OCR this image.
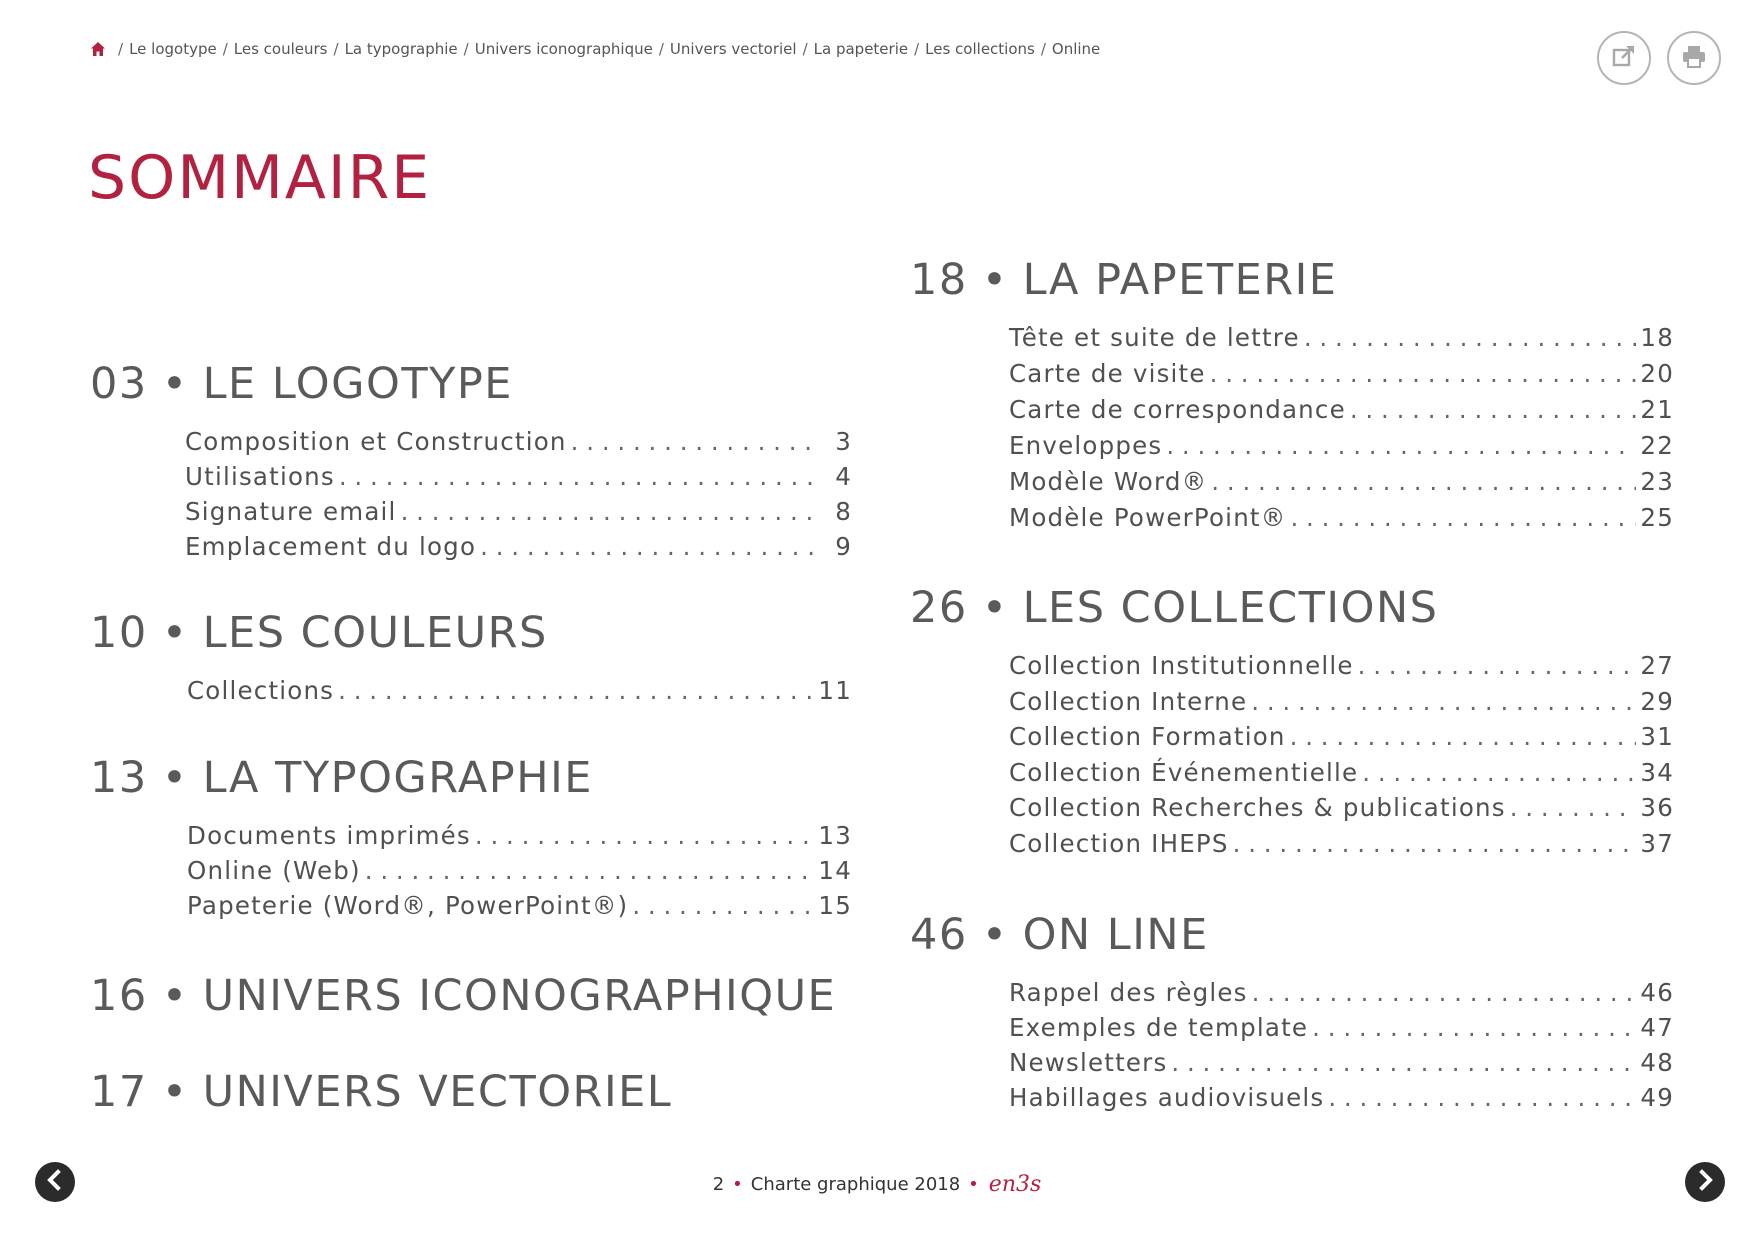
/ Le logotype / Les couleurs / La typographie / Univers iconographique / Univers vectoriel / La papeterie / Les collections / Online
SOMMAIRE
03 • LE LOGOTYPE
Composition et Construction . . .	3
Utilisations . . .	4
Signature email . . .	8
Emplacement du logo . . .	9
10 • LES COULEURS
Collections . . .	11
13 • LA TYPOGRAPHIE
Documents imprimés . . .	13
Online (Web) . . .	14
Papeterie (Word®, PowerPoint®) . . .	15
16 • UNIVERS ICONOGRAPHIQUE
17 • UNIVERS VECTORIEL
18 • LA PAPETERIE
Tête et suite de lettre . . .	18
Carte de visite . . .	20
Carte de correspondance . . .	21
Enveloppes . . .	22
Modèle Word® . . .	23
Modèle PowerPoint® . . .	25
26 • LES COLLECTIONS
Collection Institutionnelle . . .	27
Collection Interne . . .	29
Collection Formation . . .	31
Collection Événementielle . . .	34
Collection Recherches & publications . . .	36
Collection IHEPS . . .	37
46 • ON LINE
Rappel des règles . . .	46
Exemples de template . . .	47
Newsletters . . .	48
Habillages audiovisuels . . .	49
2 • Charte graphique 2018 • en3s
